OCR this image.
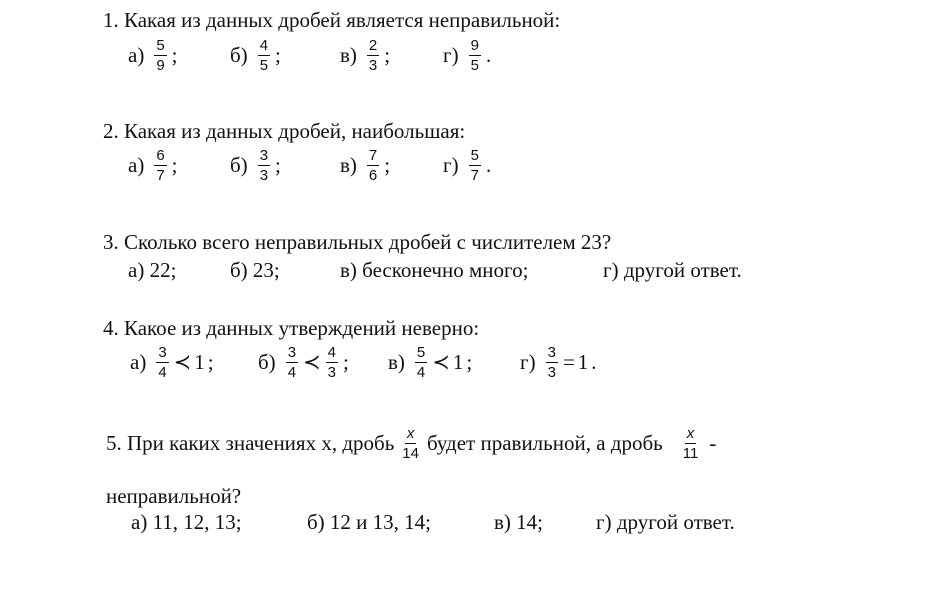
1. Какая из данных дробей является неправильной:
$а) \frac{5}{9}$ ; $б) \frac{4}{5}$ ;	$в) \frac{2}{3}$ ;	$г) \frac{9}{5}$ .
2. Какая из данных дробей, наибольшая:
$а) \frac{6}{7}$ ; $б) \frac{3}{3}$ ;	$в) \frac{7}{6}$ ;	$г) \frac{5}{7}$ .
3. Сколько всего неправильных дробей с числителем 23?
а) 22;	б) 23;	в) бесконечно много;	г) другой ответ.
4. Какое из данных утверждений неверно:
$а) \frac{3}{4}$ ≺ 1 ; $б) \frac{3}{4}$ ≺ $\frac{4}{3}$ ; $в) \frac{5}{4}$ ≺ 1 ; $г) \frac{3}{3} = 1$ .
5. При каких значениях х, дробь $\frac{x}{14}$ будет правильной, а дробь $\frac{x}{11}$ -
неправильной?
а) 11, 12, 13;	б) 12 и 13, 14;	в) 14;	г) другой ответ.
